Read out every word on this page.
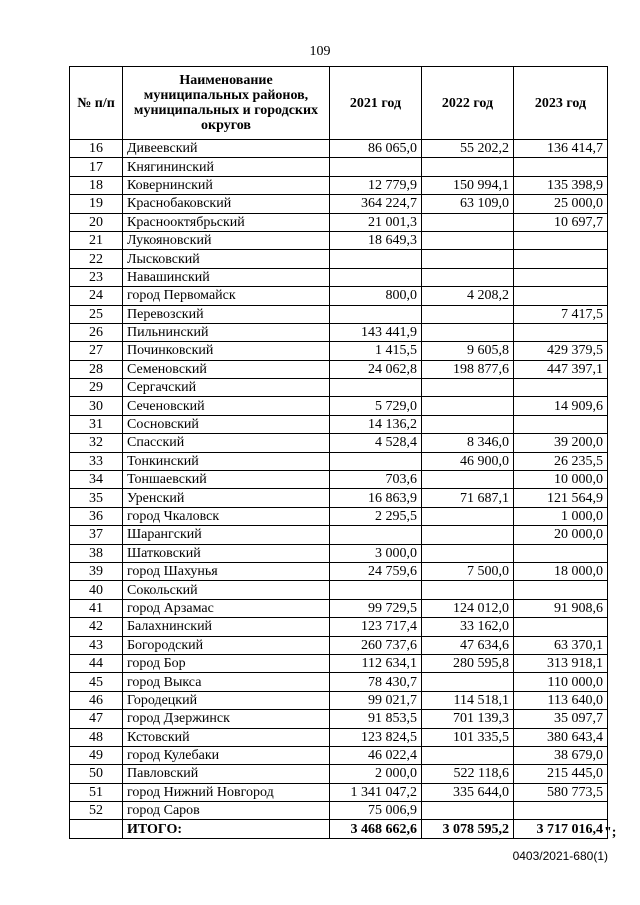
109
№ п/п	Наименование муниципальных районов, муниципальных и городских округов	2021 год	2022 год	2023 год
16	Дивеевский	86 065,0	55 202,2	136 414,7
17	Княгининский			
18	Ковернинский	12 779,9	150 994,1	135 398,9
19	Краснобаковский	364 224,7	63 109,0	25 000,0
20	Краснооктябрьский	21 001,3		10 697,7
21	Лукояновский	18 649,3		
22	Лысковский			
23	Навашинский			
24	город Первомайск	800,0	4 208,2	
25	Перевозский			7 417,5
26	Пильнинский	143 441,9		
27	Починковский	1 415,5	9 605,8	429 379,5
28	Семеновский	24 062,8	198 877,6	447 397,1
29	Сергачский			
30	Сеченовский	5 729,0		14 909,6
31	Сосновский	14 136,2		
32	Спасский	4 528,4	8 346,0	39 200,0
33	Тонкинский		46 900,0	26 235,5
34	Тоншаевский	703,6		10 000,0
35	Уренский	16 863,9	71 687,1	121 564,9
36	город Чкаловск	2 295,5		1 000,0
37	Шарангский			20 000,0
38	Шатковский	3 000,0		
39	город Шахунья	24 759,6	7 500,0	18 000,0
40	Сокольский			
41	город Арзамас	99 729,5	124 012,0	91 908,6
42	Балахнинский	123 717,4	33 162,0	
43	Богородский	260 737,6	47 634,6	63 370,1
44	город Бор	112 634,1	280 595,8	313 918,1
45	город Выкса	78 430,7		110 000,0
46	Городецкий	99 021,7	114 518,1	113 640,0
47	город Дзержинск	91 853,5	701 139,3	35 097,7
48	Кстовский	123 824,5	101 335,5	380 643,4
49	город Кулебаки	46 022,4		38 679,0
50	Павловский	2 000,0	522 118,6	215 445,0
51	город Нижний Новгород	1 341 047,2	335 644,0	580 773,5
52	город Саров	75 006,9		
	ИТОГО:	3 468 662,6	3 078 595,2	3 717 016,4 ";
0403/2021-680(1)
